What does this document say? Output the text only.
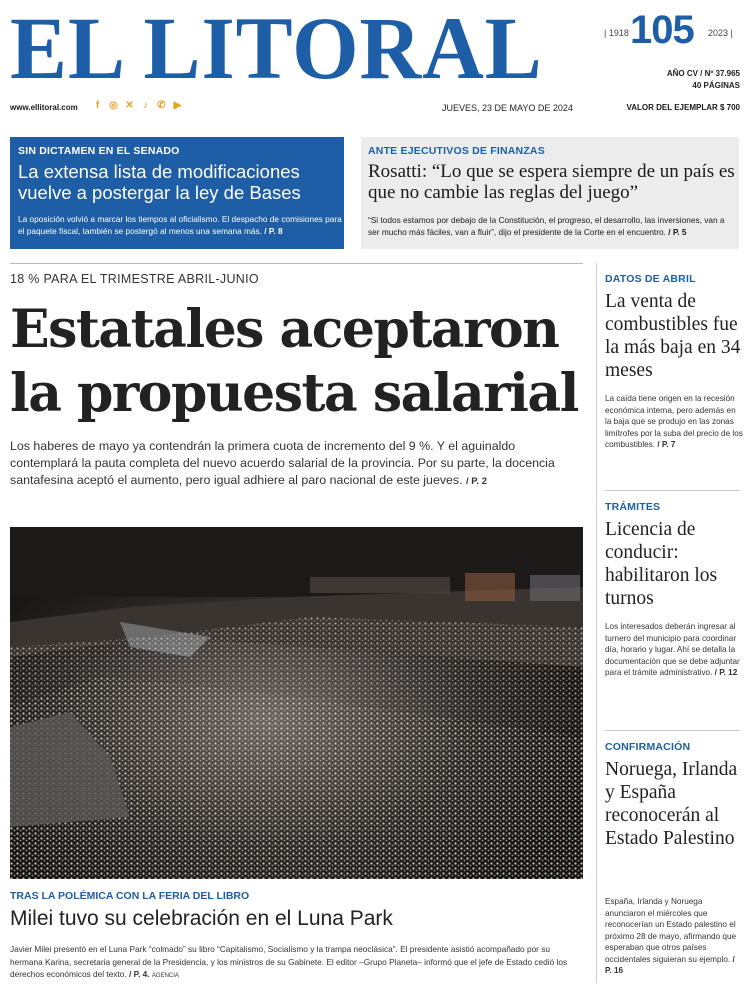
EL LITORAL	| 1918 105 2023 |
AÑO CV / Nº 37.965
40 PÁGINAS
www.ellitoral.com	f ◎ ✕ ♪ ✆ ▶	JUEVES, 23 DE MAYO DE 2024	VALOR DEL EJEMPLAR $ 700
SIN DICTAMEN EN EL SENADO
La extensa lista de modificaciones vuelve a postergar la ley de Bases
La oposición volvió a marcar los tiempos al oficialismo. El despacho de comisiones para el paquete fiscal, también se postergó al menos una semana más. / P. 8
ANTE EJECUTIVOS DE FINANZAS
Rosatti: “Lo que se espera siempre de un país es que no cambie las reglas del juego”
“Si todos estamos por debajo de la Constitución, el progreso, el desarrollo, las inversiones, van a ser mucho más fáciles, van a fluir”, dijo el presidente de la Corte en el encuentro. / P. 5
18 % PARA EL TRIMESTRE ABRIL-JUNIO
Estatales aceptaron
la propuesta salarial
Los haberes de mayo ya contendrán la primera cuota de incremento del 9 %. Y el aguinaldo contemplará la pauta completa del nuevo acuerdo salarial de la provincia. Por su parte, la docencia santafesina aceptó el aumento, pero igual adhiere al paro nacional de este jueves. / P. 2
TRAS LA POLÉMICA CON LA FERIA DEL LIBRO
Milei tuvo su celebración en el Luna Park
Javier Milei presentó en el Luna Park “colmado” su libro “Capitalismo, Socialismo y la trampa neoclásica”. El presidente asistió acompañado por su hermana Karina, secretaria general de la Presidencia, y los ministros de su Gabinete. El editor –Grupo Planeta– informó que el jefe de Estado cedió los derechos económicos del texto. / P. 4. AGENCIA
DATOS DE ABRIL
La venta de combustibles fue la más baja en 34 meses
La caída tiene origen en la recesión económica interna, pero además en la baja que se produjo en las zonas limítrofes por la suba del precio de los combustibles. / P. 7
TRÁMITES
Licencia de conducir: habilitaron los turnos
Los interesados deberán ingresar al turnero del municipio para coordinar día, horario y lugar. Ahí se detalla la documentación que se debe adjuntar para el trámite administrativo. / P. 12
CONFIRMACIÓN
Noruega, Irlanda y España reconocerán al Estado Palestino
España, Irlanda y Noruega anunciaron el miércoles que reconocerían un Estado palestino el próximo 28 de mayo, afirmando que esperaban que otros países occidentales siguieran su ejemplo. / P. 16
